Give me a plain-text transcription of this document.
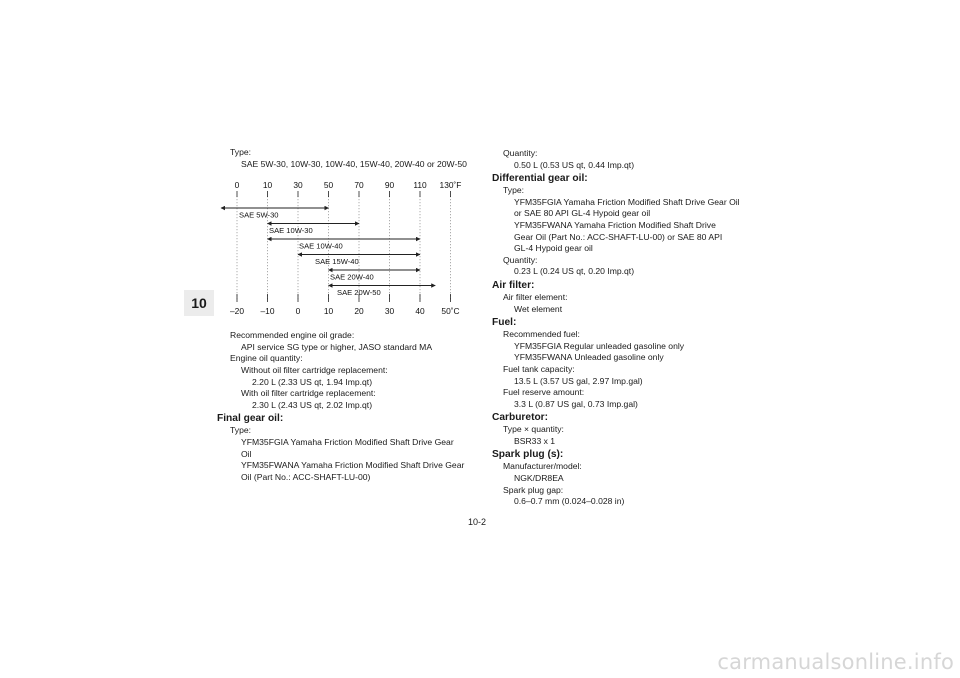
10
Type:
SAE 5W-30, 10W-30, 10W-40, 15W-40, 20W-40 or 20W-50
0
–20
10
–10
30
0
50
10
70
20
90
30
110
40
130˚F
50˚C
SAE 5W-30
SAE 10W-30
SAE 10W-40
SAE 15W-40
SAE 20W-40
SAE 20W-50
Recommended engine oil grade:
API service SG type or higher, JASO standard MA
Engine oil quantity:
Without oil filter cartridge replacement:
2.20 L (2.33 US qt, 1.94 Imp.qt)
With oil filter cartridge replacement:
2.30 L (2.43 US qt, 2.02 Imp.qt)
Final gear oil:
Type:
YFM35FGIA Yamaha Friction Modified Shaft Drive Gear Oil
YFM35FWANA Yamaha Friction Modified Shaft Drive Gear Oil (Part No.: ACC-SHAFT-LU-00)
Quantity:
0.50 L (0.53 US qt, 0.44 Imp.qt)
Differential gear oil:
Type:
YFM35FGIA Yamaha Friction Modified Shaft Drive Gear Oil or SAE 80 API GL-4 Hypoid gear oil
YFM35FWANA Yamaha Friction Modified Shaft Drive Gear Oil (Part No.: ACC-SHAFT-LU-00) or SAE 80 API GL-4 Hypoid gear oil
Quantity:
0.23 L (0.24 US qt, 0.20 Imp.qt)
Air filter:
Air filter element:
Wet element
Fuel:
Recommended fuel:
YFM35FGIA Regular unleaded gasoline only
YFM35FWANA Unleaded gasoline only
Fuel tank capacity:
13.5 L (3.57 US gal, 2.97 Imp.gal)
Fuel reserve amount:
3.3 L (0.87 US gal, 0.73 Imp.gal)
Carburetor:
Type × quantity:
BSR33 x 1
Spark plug (s):
Manufacturer/model:
NGK/DR8EA
Spark plug gap:
0.6–0.7 mm (0.024–0.028 in)
10-2
carmanualsonline.info
